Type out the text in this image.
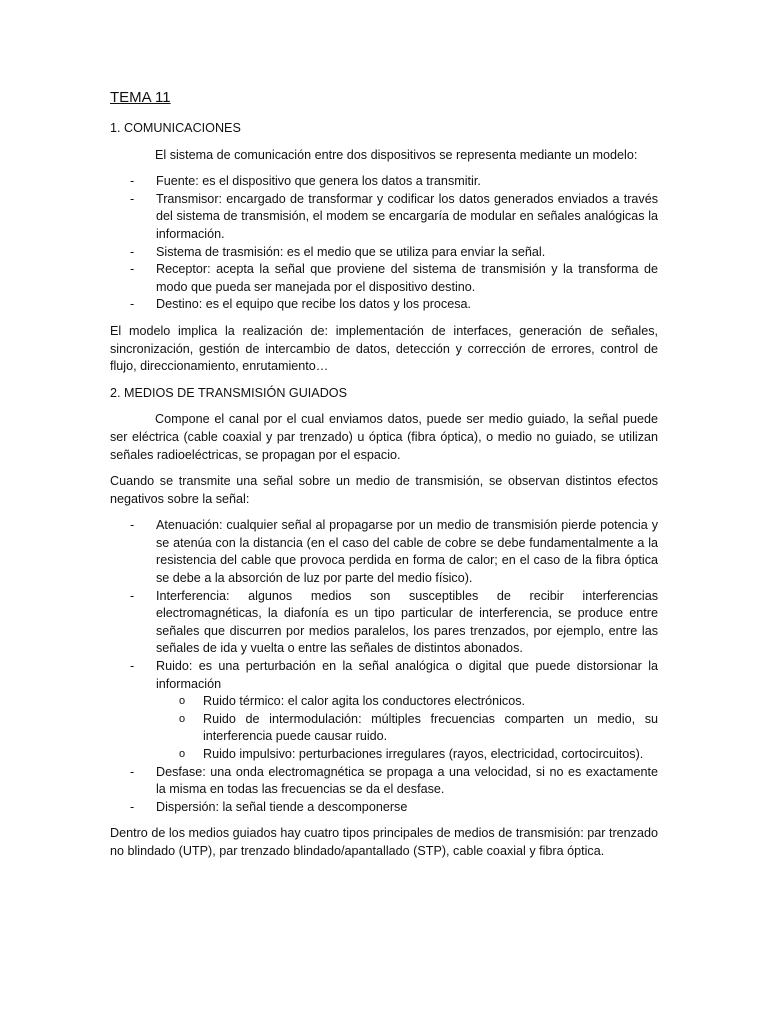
TEMA 11
1. COMUNICACIONES

El sistema de comunicación entre dos dispositivos se representa mediante un modelo:

- Fuente: es el dispositivo que genera los datos a transmitir.
- Transmisor: encargado de transformar y codificar los datos generados enviados a través del sistema de transmisión, el modem se encargaría de modular en señales analógicas la información.
- Sistema de trasmisión: es el medio que se utiliza para enviar la señal.
- Receptor: acepta la señal que proviene del sistema de transmisión y la transforma de modo que pueda ser manejada por el dispositivo destino.
- Destino: es el equipo que recibe los datos y los procesa.

El modelo implica la realización de: implementación de interfaces, generación de señales, sincronización, gestión de intercambio de datos, detección y corrección de errores, control de flujo, direccionamiento, enrutamiento…

2. MEDIOS DE TRANSMISIÓN GUIADOS

Compone el canal por el cual enviamos datos, puede ser medio guiado, la señal puede ser eléctrica (cable coaxial y par trenzado) u óptica (fibra óptica), o medio no guiado, se utilizan señales radioeléctricas, se propagan por el espacio.

Cuando se transmite una señal sobre un medio de transmisión, se observan distintos efectos negativos sobre la señal:

- Atenuación: cualquier señal al propagarse por un medio de transmisión pierde potencia y se atenúa con la distancia (en el caso del cable de cobre se debe fundamentalmente a la resistencia del cable que provoca perdida en forma de calor; en el caso de la fibra óptica se debe a la absorción de luz por parte del medio físico).
- Interferencia: algunos medios son susceptibles de recibir interferencias electromagnéticas, la diafonía es un tipo particular de interferencia, se produce entre señales que discurren por medios paralelos, los pares trenzados, por ejemplo, entre las señales de ida y vuelta o entre las señales de distintos abonados.
- Ruido: es una perturbación en la señal analógica o digital que puede distorsionar la información
o Ruido térmico: el calor agita los conductores electrónicos.
o Ruido de intermodulación: múltiples frecuencias comparten un medio, su interferencia puede causar ruido.
o Ruido impulsivo: perturbaciones irregulares (rayos, electricidad, cortocircuitos).
- Desfase: una onda electromagnética se propaga a una velocidad, si no es exactamente la misma en todas las frecuencias se da el desfase.
- Dispersión: la señal tiende a descomponerse

Dentro de los medios guiados hay cuatro tipos principales de medios de transmisión: par trenzado no blindado (UTP), par trenzado blindado/apantallado (STP), cable coaxial y fibra óptica.
